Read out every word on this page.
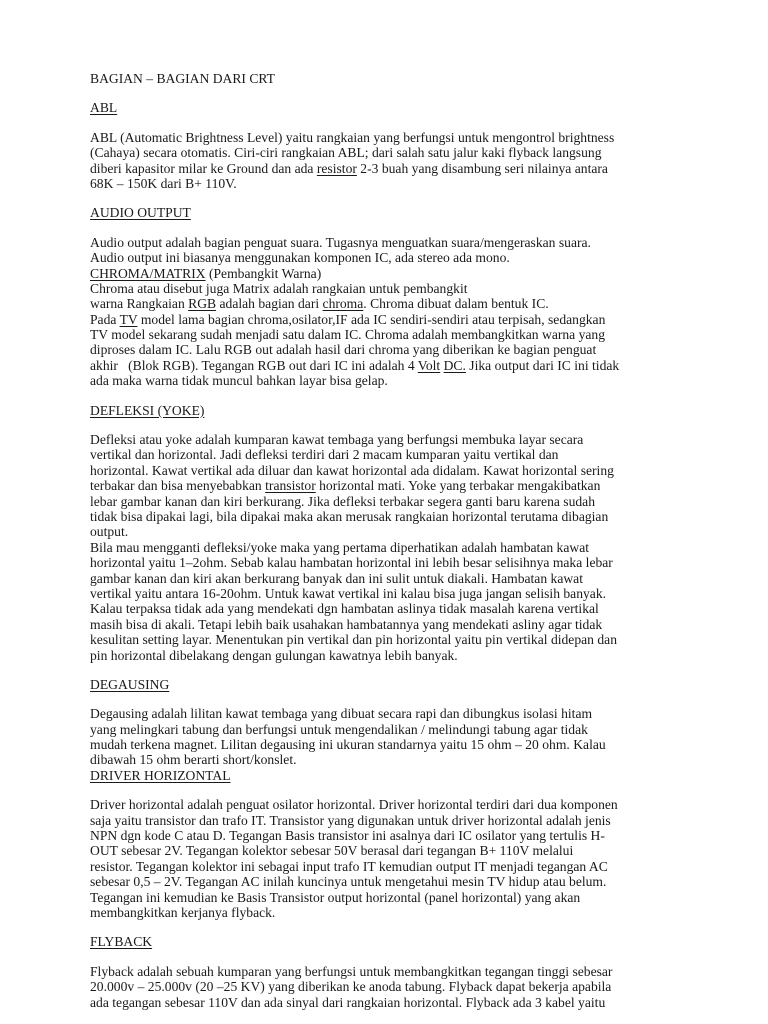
BAGIAN – BAGIAN DARI CRT
ABL
ABL (Automatic Brightness Level) yaitu rangkaian yang berfungsi untuk mengontrol brightness
(Cahaya) secara otomatis. Ciri-ciri rangkaian ABL; dari salah satu jalur kaki flyback langsung
diberi kapasitor milar ke Ground dan ada resistor 2-3 buah yang disambung seri nilainya antara
68K – 150K dari B+ 110V.
AUDIO OUTPUT
Audio output adalah bagian penguat suara. Tugasnya menguatkan suara/mengeraskan suara.
Audio output ini biasanya menggunakan komponen IC, ada stereo ada mono.
CHROMA/MATRIX (Pembangkit Warna)
Chroma atau disebut juga Matrix adalah rangkaian untuk pembangkit
warna Rangkaian RGB adalah bagian dari chroma. Chroma dibuat dalam bentuk IC.
Pada TV model lama bagian chroma,osilator,IF ada IC sendiri-sendiri atau terpisah, sedangkan
TV model sekarang sudah menjadi satu dalam IC. Chroma adalah membangkitkan warna yang
diproses dalam IC. Lalu RGB out adalah hasil dari chroma yang diberikan ke bagian penguat
akhir   (Blok RGB). Tegangan RGB out dari IC ini adalah 4 Volt DC. Jika output dari IC ini tidak
ada maka warna tidak muncul bahkan layar bisa gelap.
DEFLEKSI (YOKE)
Defleksi atau yoke adalah kumparan kawat tembaga yang berfungsi membuka layar secara
vertikal dan horizontal. Jadi defleksi terdiri dari 2 macam kumparan yaitu vertikal dan
horizontal. Kawat vertikal ada diluar dan kawat horizontal ada didalam. Kawat horizontal sering
terbakar dan bisa menyebabkan transistor horizontal mati. Yoke yang terbakar mengakibatkan
lebar gambar kanan dan kiri berkurang. Jika defleksi terbakar segera ganti baru karena sudah
tidak bisa dipakai lagi, bila dipakai maka akan merusak rangkaian horizontal terutama dibagian
output.
Bila mau mengganti defleksi/yoke maka yang pertama diperhatikan adalah hambatan kawat
horizontal yaitu 1–2ohm. Sebab kalau hambatan horizontal ini lebih besar selisihnya maka lebar
gambar kanan dan kiri akan berkurang banyak dan ini sulit untuk diakali. Hambatan kawat
vertikal yaitu antara 16-20ohm. Untuk kawat vertikal ini kalau bisa juga jangan selisih banyak.
Kalau terpaksa tidak ada yang mendekati dgn hambatan aslinya tidak masalah karena vertikal
masih bisa di akali. Tetapi lebih baik usahakan hambatannya yang mendekati asliny agar tidak
kesulitan setting layar. Menentukan pin vertikal dan pin horizontal yaitu pin vertikal didepan dan
pin horizontal dibelakang dengan gulungan kawatnya lebih banyak.
DEGAUSING
Degausing adalah lilitan kawat tembaga yang dibuat secara rapi dan dibungkus isolasi hitam
yang melingkari tabung dan berfungsi untuk mengendalikan / melindungi tabung agar tidak
mudah terkena magnet. Lilitan degausing ini ukuran standarnya yaitu 15 ohm – 20 ohm. Kalau
dibawah 15 ohm berarti short/konslet.
DRIVER HORIZONTAL
Driver horizontal adalah penguat osilator horizontal. Driver horizontal terdiri dari dua komponen
saja yaitu transistor dan trafo IT. Transistor yang digunakan untuk driver horizontal adalah jenis
NPN dgn kode C atau D. Tegangan Basis transistor ini asalnya dari IC osilator yang tertulis H-
OUT sebesar 2V. Tegangan kolektor sebesar 50V berasal dari tegangan B+ 110V melalui
resistor. Tegangan kolektor ini sebagai input trafo IT kemudian output IT menjadi tegangan AC
sebesar 0,5 – 2V. Tegangan AC inilah kuncinya untuk mengetahui mesin TV hidup atau belum.
Tegangan ini kemudian ke Basis Transistor output horizontal (panel horizontal) yang akan
membangkitkan kerjanya flyback.
FLYBACK
Flyback adalah sebuah kumparan yang berfungsi untuk membangkitkan tegangan tinggi sebesar
20.000v – 25.000v (20 –25 KV) yang diberikan ke anoda tabung. Flyback dapat bekerja apabila
ada tegangan sebesar 110V dan ada sinyal dari rangkaian horizontal. Flyback ada 3 kabel yaitu
